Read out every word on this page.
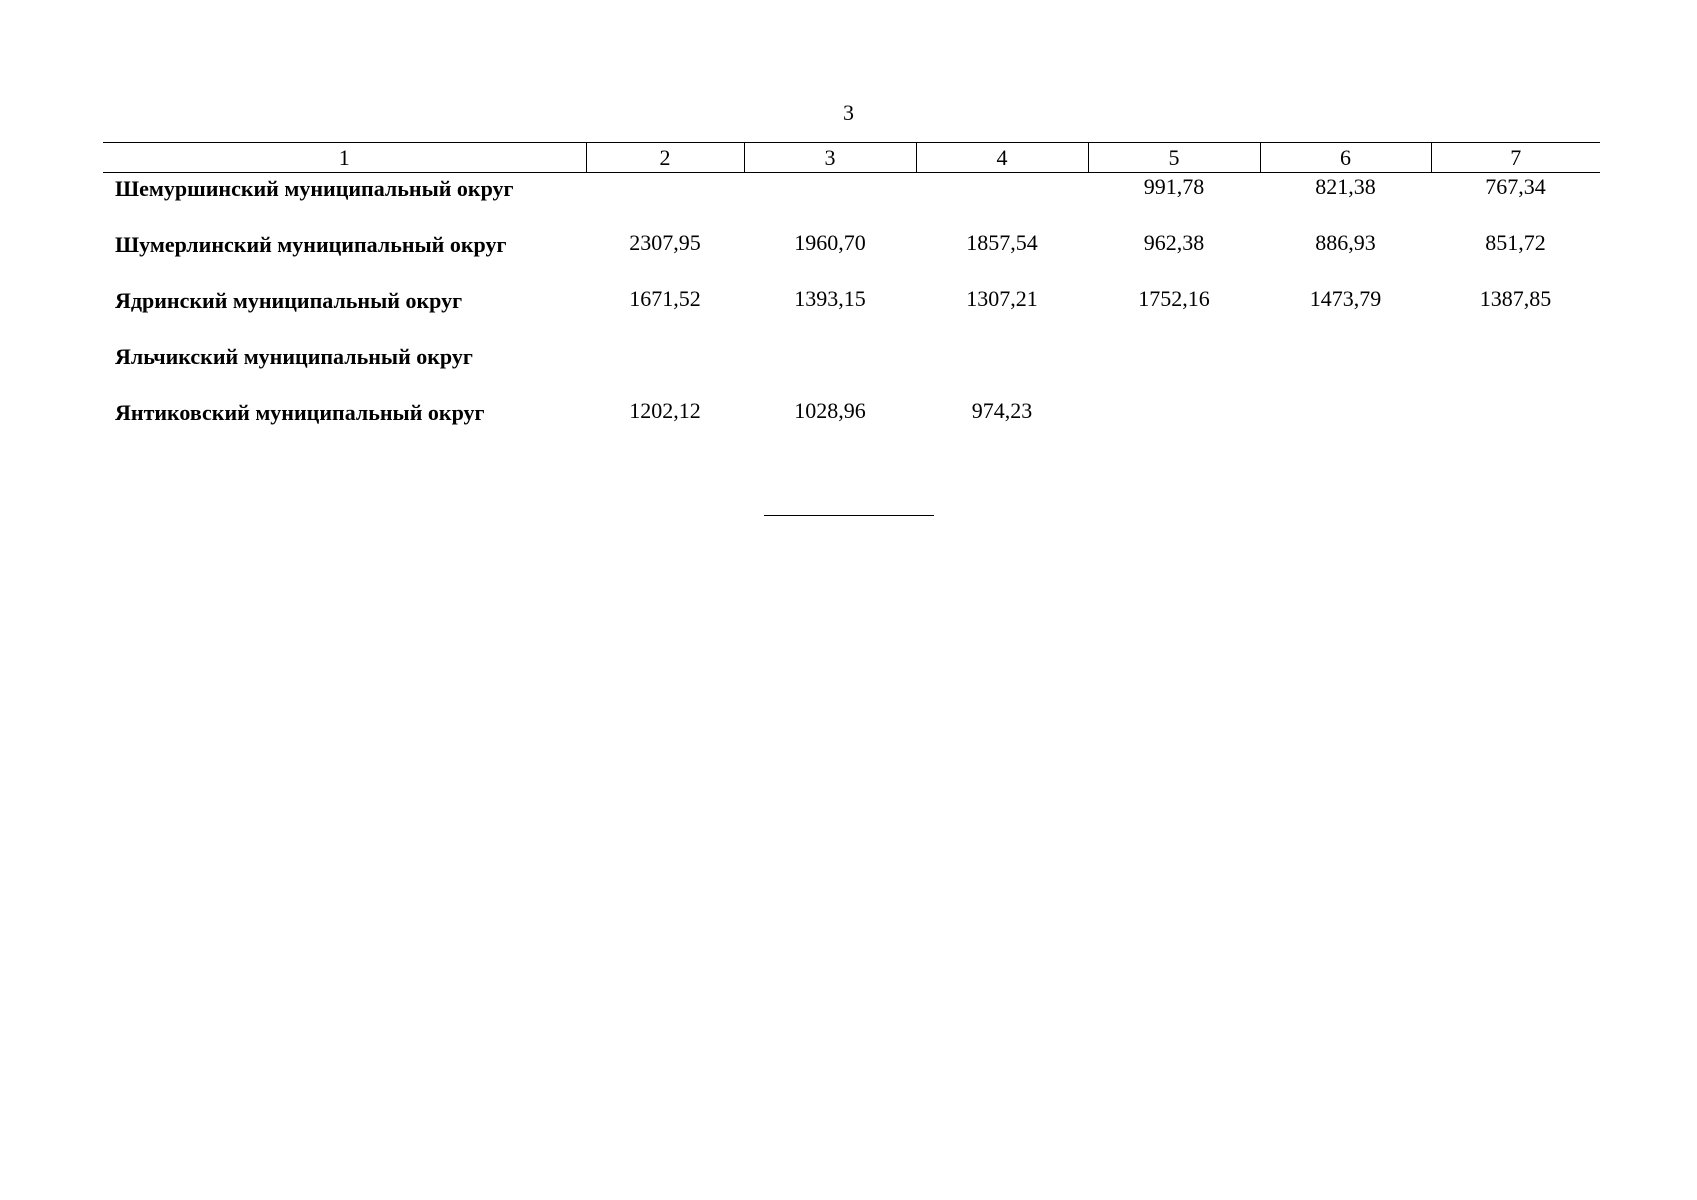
3
1	2	3	4	5	6	7
Шемуршинский муниципальный округ				991,78	821,38	767,34
Шумерлинский муниципальный округ	2307,95	1960,70	1857,54	962,38	886,93	851,72
Ядринский муниципальный округ	1671,52	1393,15	1307,21	1752,16	1473,79	1387,85
Яльчикский муниципальный округ						
Янтиковский муниципальный округ	1202,12	1028,96	974,23			
